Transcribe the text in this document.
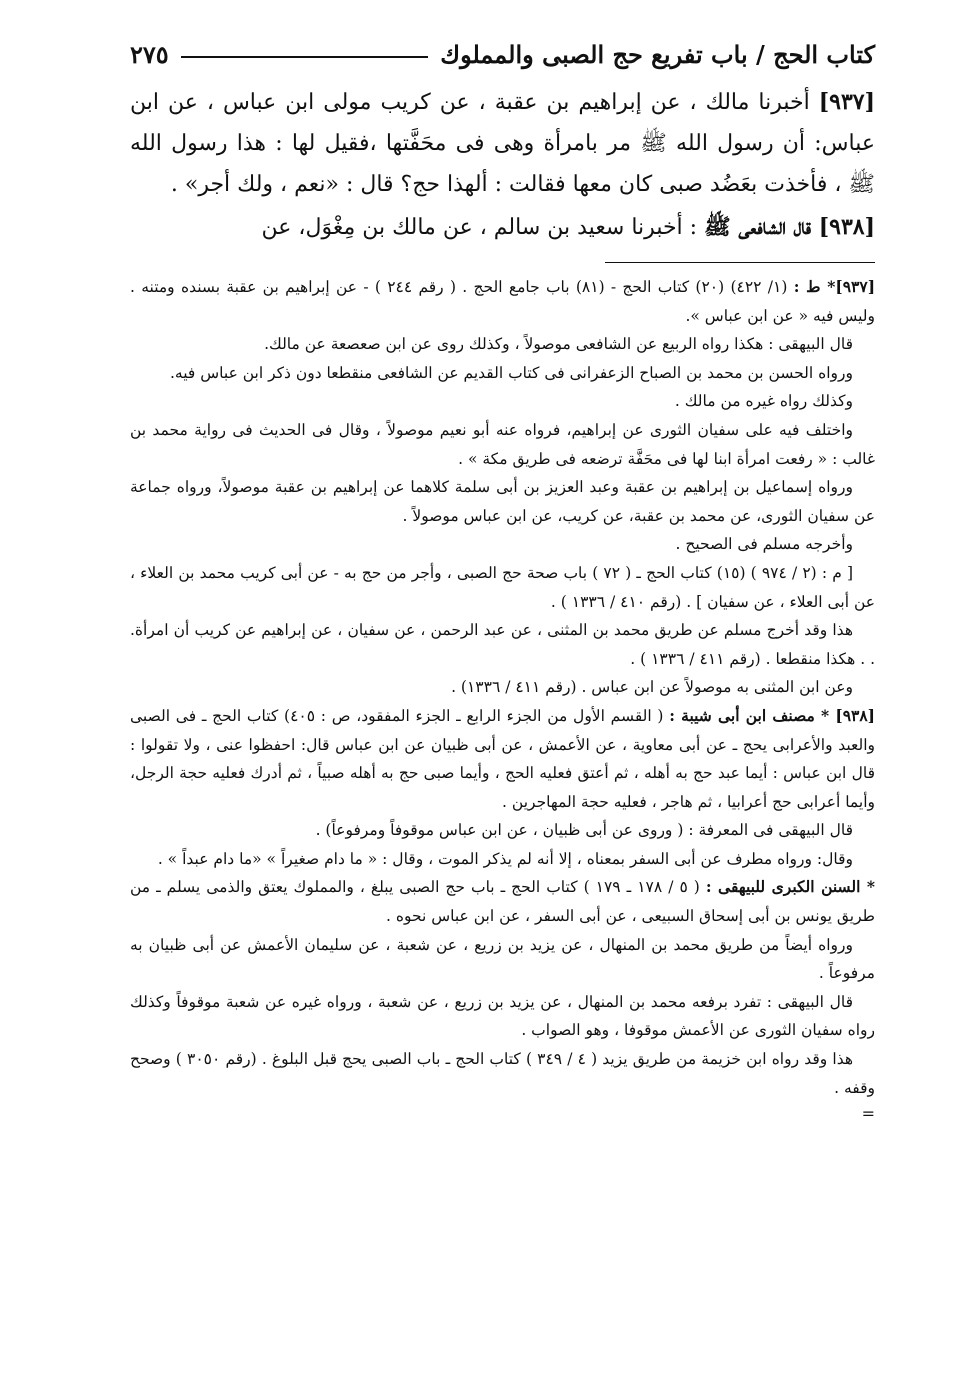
كتاب الحج / باب تفريع حج الصبى والمملوك
٢٧٥

[٩٣٧] أخبرنا مالك ، عن إبراهيم بن عقبة ، عن كريب مولى ابن عباس ، عن ابن عباس: أن رسول الله ﷺ مر بامرأة وهى فى محَفَّتها ،فقيل لها : هذا رسول الله ﷺ ، فأخذت بعَضُد صبى كان معها فقالت : ألهذا حج؟ قال : «نعم ، ولك أجر» .

[٩٣٨] قال الشافعى ﷺ : أخبرنا سعيد بن سالم ، عن مالك بن مِغْوَل، عن

[٩٣٧]* ط : (١/ ٤٢٢) (٢٠) كتاب الحج - (٨١) باب جامع الحج . ( رقم ٢٤٤ ) - عن إبراهيم بن عقبة بسنده ومتنه . وليس فيه « عن ابن عباس ».

قال البيهقى : هكذا رواه الربيع عن الشافعى موصولاً ، وكذلك روى عن ابن صعصعة عن مالك.

ورواه الحسن بن محمد بن الصباح الزعفرانى فى كتاب القديم عن الشافعى منقطعا دون ذكر ابن عباس فيه.

وكذلك رواه غيره من مالك .

واختلف فيه على سفيان الثورى عن إبراهيم، فرواه عنه أبو نعيم موصولاً ، وقال فى الحديث فى رواية محمد بن غالب : « رفعت امرأة ابنا لها فى محَفَّة ترضعه فى طريق مكة » .

ورواه إسماعيل بن إبراهيم بن عقبة وعبد العزيز بن أبى سلمة كلاهما عن إبراهيم بن عقبة موصولاً، ورواه جماعة عن سفيان الثورى، عن محمد بن عقبة، عن كريب، عن ابن عباس موصولاً .

وأخرجه مسلم فى الصحيح .

[ م : (٢ / ٩٧٤ ) (١٥) كتاب الحج ـ ( ٧٢ ) باب صحة حج الصبى ، وأجر من حج به - عن أبى كريب محمد بن العلاء ، عن أبى العلاء ، عن سفيان ] . (رقم ٤١٠ / ١٣٣٦ ) .

هذا وقد أخرج مسلم عن طريق محمد بن المثنى ، عن عبد الرحمن ، عن سفيان ، عن إبراهيم عن كريب أن امرأة. . . هكذا منقطعا . (رقم ٤١١ / ١٣٣٦ ) .

وعن ابن المثنى به موصولاً عن ابن عباس . (رقم ٤١١ / ١٣٣٦) .

[٩٣٨] * مصنف ابن أبى شيبة : ( القسم الأول من الجزء الرابع ـ الجزء المفقود، ص : ٤٠٥) كتاب الحج ـ فى الصبى والعبد والأعرابى يحج ـ عن أبى معاوية ، عن الأعمش ، عن أبى ظبيان عن ابن عباس قال: احفظوا عنى ، ولا تقولوا : قال ابن عباس : أيما عبد حج به أهله ، ثم أعتق فعليه الحج ، وأيما صبى حج به أهله صبياً ، ثم أدرك فعليه حجة الرجل، وأيما أعرابى حج أعرابيا ، ثم هاجر ، فعليه حجة المهاجرين .

قال البيهقى فى المعرفة : ( وروى عن أبى ظبيان ، عن ابن عباس موقوفاً ومرفوعاً) .

وقال: ورواه مطرف عن أبى السفر بمعناه ، إلا أنه لم يذكر الموت ، وقال : « ما دام صغيراً » «ما دام عبداً » .

* السنن الكبرى للبيهقى : ( ٥ / ١٧٨ ـ ١٧٩ ) كتاب الحج ـ باب حج الصبى يبلغ ، والمملوك يعتق والذمى يسلم ـ من طريق يونس بن أبى إسحاق السبيعى ، عن أبى السفر ، عن ابن عباس نحوه .

ورواه أيضاً من طريق محمد بن المنهال ، عن يزيد بن زريع ، عن شعبة ، عن سليمان الأعمش عن أبى ظبيان به مرفوعاً .

قال البيهقى : تفرد برفعه محمد بن المنهال ، عن يزيد بن زريع ، عن شعبة ، ورواه غيره عن شعبة موقوفاً وكذلك رواه سفيان الثورى عن الأعمش موقوفا ، وهو الصواب .

هذا وقد رواه ابن خزيمة من طريق يزيد ( ٤ / ٣٤٩ ) كتاب الحج ـ باب الصبى يحج قبل البلوغ . (رقم ٣٠٥٠ ) وصحح وقفه .

=
